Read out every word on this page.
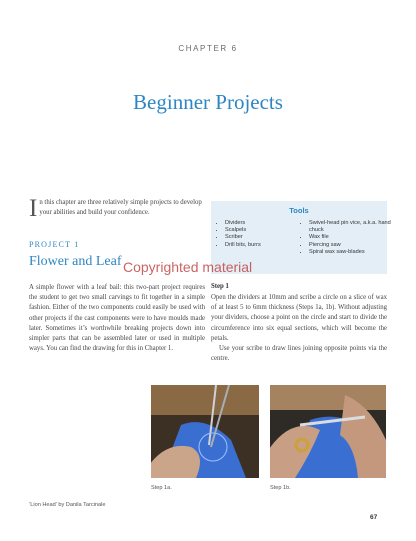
CHAPTER 6
Beginner Projects
In this chapter are three relatively simple projects to develop your abilities and build your confidence.	Tools
• Dividers
• Scalpels
• Scriber
• Drill bits, burrs
• Swivel-head pin vice, a.k.a. hand chuck
• Wax file
• Piercing saw
• Spiral wax saw-blades
PROJECT 1
Flower and Leaf Copyrighted material
A simple flower with a leaf bail: this two-part project requires the student to get two small carvings to fit together in a simple fashion. Either of the two components could easily be used with other projects if the cast components were to have moulds made later. Sometimes it’s worthwhile breaking projects down into simpler parts that can be assembled later or used in multiple ways. You can find the drawing for this in Chapter 1.
Step 1

Open the dividers at 10mm and scribe a circle on a slice of wax of at least 5 to 6mm thickness (Steps 1a, 1b). Without adjusting your dividers, choose a point on the circle and start to divide the circumference into six equal sections, which will become the petals.

Use your scribe to draw lines joining opposite points via the centre.

Step 1a.	Step 1b.
‘Lion Head’ by Danila Tarcinale
67
